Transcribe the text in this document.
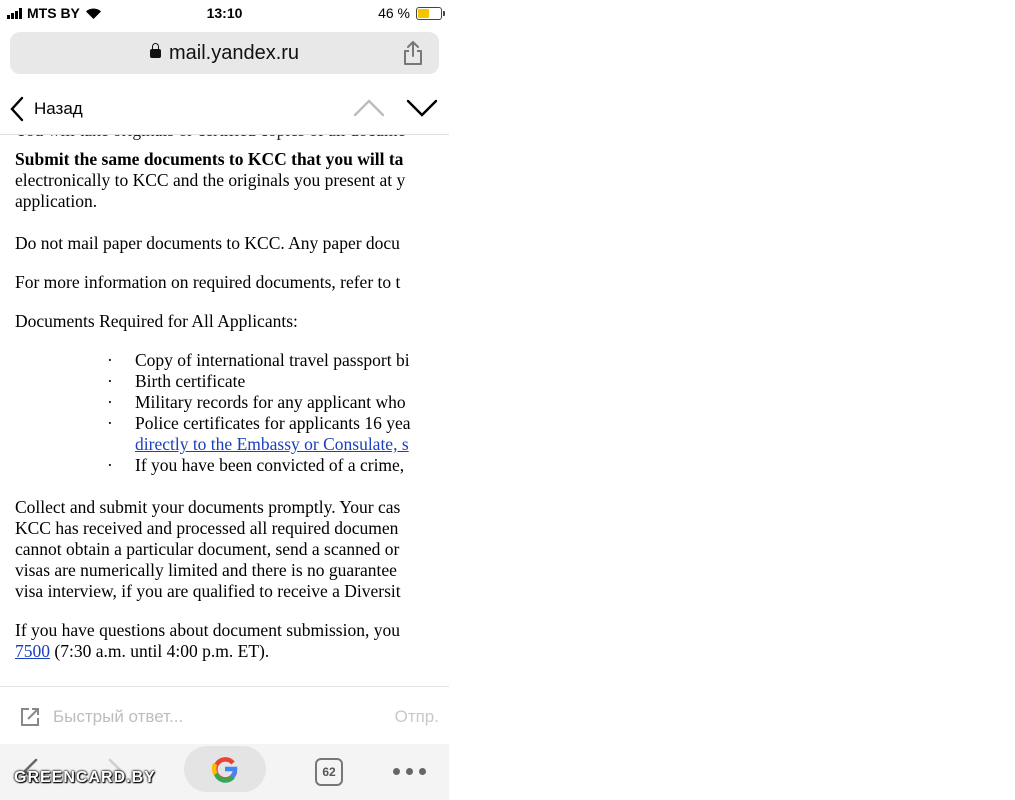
MTS BY	13:10	46 %
mail.yandex.ru
Назад

Submit the same documents to KCC that you will ta

electronically to KCC and the originals you present at y

application.

Do not mail paper documents to KCC. Any paper docu

For more information on required documents, refer to t

Documents Required for All Applicants:

· Copy of international travel passport bi
· Birth certificate
· Military records for any applicant who
· Police certificates for applicants 16 yea
directly to the Embassy or Consulate, s
· If you have been convicted of a crime,

Collect and submit your documents promptly. Your cas

KCC has received and processed all required documen

cannot obtain a particular document, send a scanned or

visas are numerically limited and there is no guarantee

visa interview, if you are qualified to receive a Diversit

If you have questions about document submission, you

7500 (7:30 a.m. until 4:00 p.m. ET).

Быстрый ответ...	Отпр.
62
GREENCARD.BY
